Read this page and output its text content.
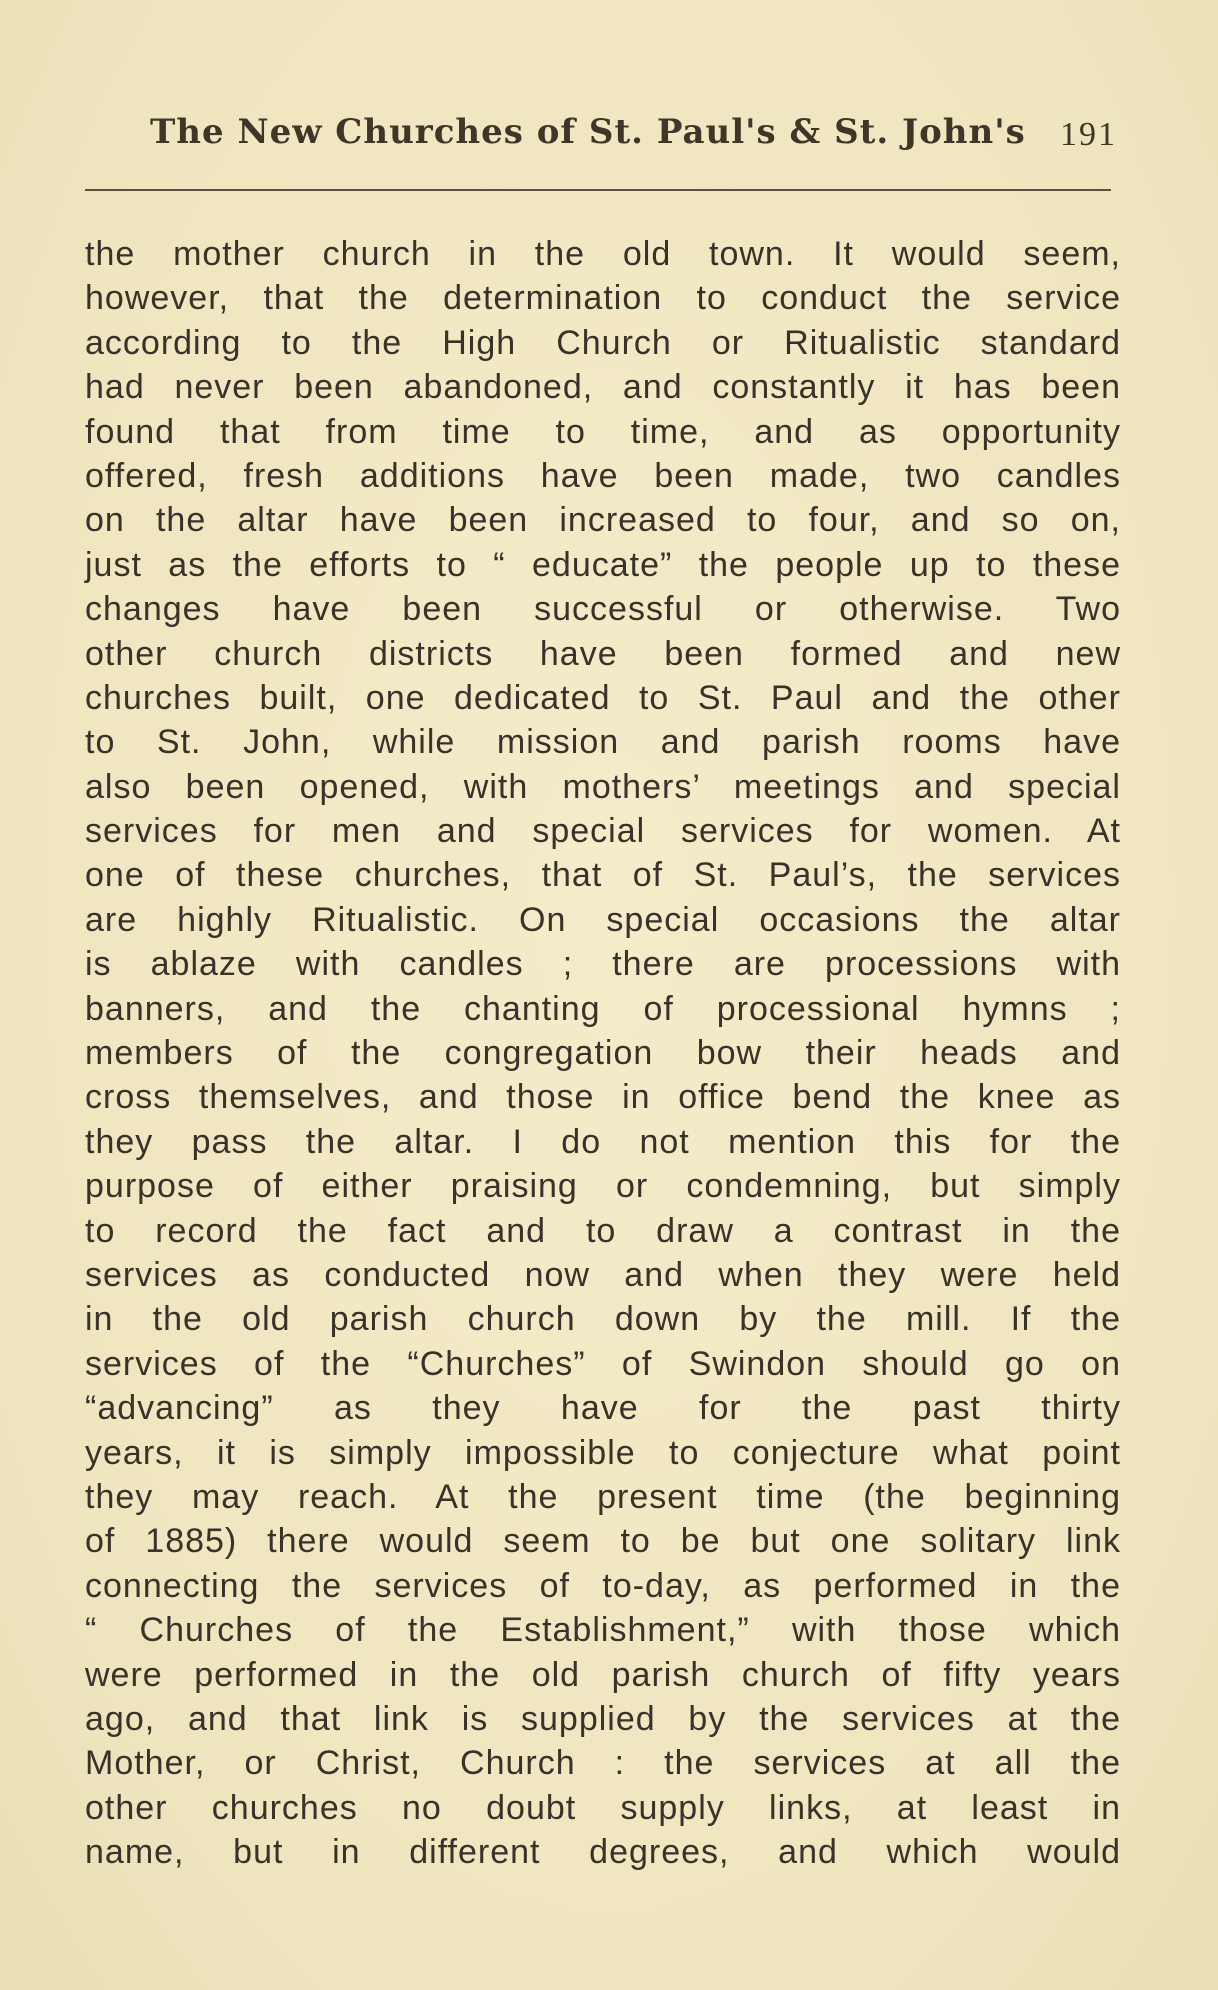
The New Churches of St. Paul's & St. John's 191
the mother church in the old town. It would seem,
however, that the determination to conduct the service
according to the High Church or Ritualistic standard
had never been abandoned, and constantly it has been
found that from time to time, and as opportunity
offered, fresh additions have been made, two candles
on the altar have been increased to four, and so on,
just as the efforts to “ educate” the people up to these
changes have been successful or otherwise. Two
other church districts have been formed and new
churches built, one dedicated to St. Paul and the other
to St. John, while mission and parish rooms have
also been opened, with mothers’ meetings and special
services for men and special services for women. At
one of these churches, that of St. Paul’s, the services
are highly Ritualistic. On special occasions the altar
is ablaze with candles ; there are processions with
banners, and the chanting of processional hymns ;
members of the congregation bow their heads and
cross themselves, and those in office bend the knee as
they pass the altar. I do not mention this for the
purpose of either praising or condemning, but simply
to record the fact and to draw a contrast in the
services as conducted now and when they were held
in the old parish church down by the mill. If the
services of the “Churches” of Swindon should go on
“advancing” as they have for the past thirty
years, it is simply impossible to conjecture what point
they may reach. At the present time (the beginning
of 1885) there would seem to be but one solitary link
connecting the services of to-day, as performed in the
“ Churches of the Establishment,” with those which
were performed in the old parish church of fifty years
ago, and that link is supplied by the services at the
Mother, or Christ, Church : the services at all the
other churches no doubt supply links, at least in
name, but in different degrees, and which would
